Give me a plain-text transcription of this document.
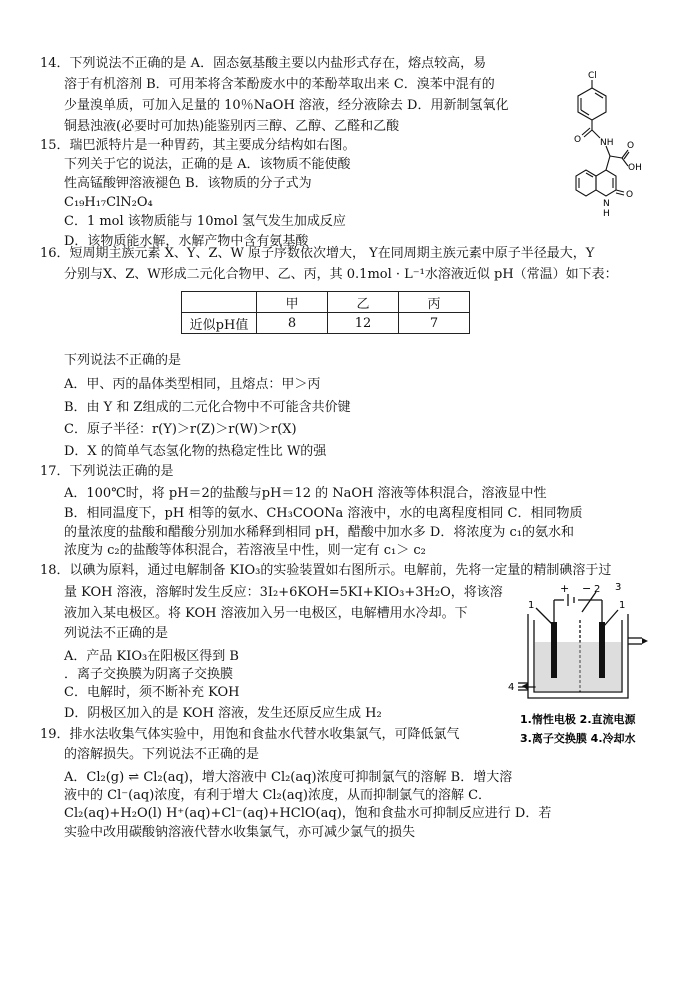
14．下列说法不正确的是 A．固态氨基酸主要以内盐形式存在，熔点较高，易
溶于有机溶剂 B．可用苯将含苯酚废水中的苯酚萃取出来 C．溴苯中混有的
少量溴单质，可加入足量的 10％NaOH 溶液，经分液除去 D．用新制氢氧化
铜悬浊液(必要时可加热)能鉴别丙三醇、乙醇、乙醛和乙酸
15．瑞巴派特片是一种胃药，其主要成分结构如右图。
下列关于它的说法，正确的是 A．该物质不能使酸
性高锰酸钾溶液褪色 B．该物质的分子式为
C₁₉H₁₇ClN₂O₄
C．1 mol 该物质能与 10mol 氢气发生加成反应
D．该物质能水解，水解产物中含有氨基酸
Cl
O NH
OH
O
N
H
O
16．短周期主族元素 X、Y、Z、W 原子序数依次增大， Y在同周期主族元素中原子半径最大，Y
分别与X、Z、W形成二元化合物甲、乙、丙，其 0.1mol · L⁻¹水溶液近似 pH（常温）如下表：
	甲	乙	丙
近似pH值	8	12	7
下列说法不正确的是
A．甲、丙的晶体类型相同，且熔点：甲＞丙
B．由 Y 和 Z组成的二元化合物中不可能含共价键
C．原子半径：r(Y)＞r(Z)＞r(W)＞r(X)
D．X 的简单气态氢化物的热稳定性比 W的强
17．下列说法正确的是
A．100℃时，将 pH＝2的盐酸与pH＝12 的 NaOH 溶液等体积混合，溶液显中性
B．相同温度下，pH 相等的氨水、CH₃COONa 溶液中，水的电离程度相同 C．相同物质
的量浓度的盐酸和醋酸分别加水稀释到相同 pH，醋酸中加水多 D．将浓度为 c₁的氨水和
浓度为 c₂的盐酸等体积混合，若溶液呈中性，则一定有 c₁＞ c₂
18．以碘为原料，通过电解制备 KIO₃的实验装置如右图所示。电解前，先将一定量的精制碘溶于过
量 KOH 溶液，溶解时发生反应：3I₂+6KOH=5KI+KIO₃+3H₂O，将该溶
液加入某电极区。将 KOH 溶液加入另一电极区，电解槽用水冷却。下
列说法不正确的是
A．产品 KIO₃在阳极区得到 B
．离子交换膜为阴离子交换膜
C．电解时，须不断补充 KOH
D．阴极区加入的是 KOH 溶液，发生还原反应生成 H₂
1
+ − 2 3
1
4
1.惰性电极 2.直流电源
3.离子交换膜 4.冷却水
19．排水法收集气体实验中，用饱和食盐水代替水收集氯气，可降低氯气
的溶解损失。下列说法不正确的是
A．Cl₂(g) ⇌ Cl₂(aq)，增大溶液中 Cl₂(aq)浓度可抑制氯气的溶解 B．增大溶
液中的 Cl⁻(aq)浓度，有利于增大 Cl₂(aq)浓度，从而抑制氯气的溶解 C．
Cl₂(aq)+H₂O(l) H⁺(aq)+Cl⁻(aq)+HClO(aq)，饱和食盐水可抑制反应进行 D．若
实验中改用碳酸钠溶液代替水收集氯气，亦可减少氯气的损失
